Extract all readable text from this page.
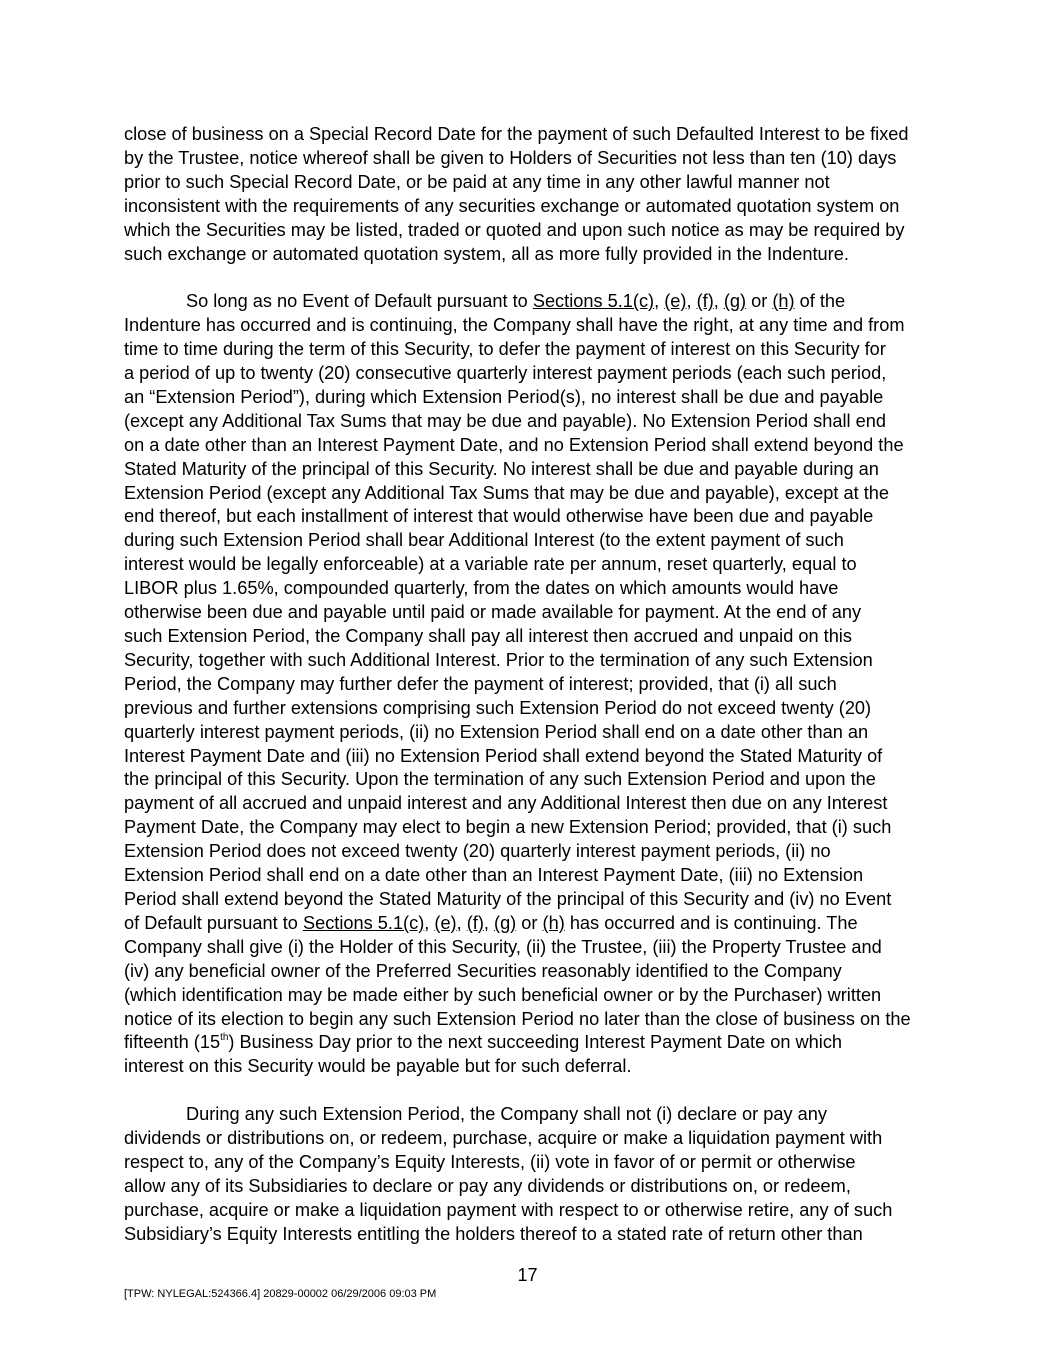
close of business on a Special Record Date for the payment of such Defaulted Interest to be fixed
by the Trustee, notice whereof shall be given to Holders of Securities not less than ten (10) days
prior to such Special Record Date, or be paid at any time in any other lawful manner not
inconsistent with the requirements of any securities exchange or automated quotation system on
which the Securities may be listed, traded or quoted and upon such notice as may be required by
such exchange or automated quotation system, all as more fully provided in the Indenture.

So long as no Event of Default pursuant to Sections 5.1(c), (e), (f), (g) or (h) of the
Indenture has occurred and is continuing, the Company shall have the right, at any time and from
time to time during the term of this Security, to defer the payment of interest on this Security for
a period of up to twenty (20) consecutive quarterly interest payment periods (each such period,
an “Extension Period”), during which Extension Period(s), no interest shall be due and payable
(except any Additional Tax Sums that may be due and payable). No Extension Period shall end
on a date other than an Interest Payment Date, and no Extension Period shall extend beyond the
Stated Maturity of the principal of this Security. No interest shall be due and payable during an
Extension Period (except any Additional Tax Sums that may be due and payable), except at the
end thereof, but each installment of interest that would otherwise have been due and payable
during such Extension Period shall bear Additional Interest (to the extent payment of such
interest would be legally enforceable) at a variable rate per annum, reset quarterly, equal to
LIBOR plus 1.65%, compounded quarterly, from the dates on which amounts would have
otherwise been due and payable until paid or made available for payment. At the end of any
such Extension Period, the Company shall pay all interest then accrued and unpaid on this
Security, together with such Additional Interest. Prior to the termination of any such Extension
Period, the Company may further defer the payment of interest; provided, that (i) all such
previous and further extensions comprising such Extension Period do not exceed twenty (20)
quarterly interest payment periods, (ii) no Extension Period shall end on a date other than an
Interest Payment Date and (iii) no Extension Period shall extend beyond the Stated Maturity of
the principal of this Security. Upon the termination of any such Extension Period and upon the
payment of all accrued and unpaid interest and any Additional Interest then due on any Interest
Payment Date, the Company may elect to begin a new Extension Period; provided, that (i) such
Extension Period does not exceed twenty (20) quarterly interest payment periods, (ii) no
Extension Period shall end on a date other than an Interest Payment Date, (iii) no Extension
Period shall extend beyond the Stated Maturity of the principal of this Security and (iv) no Event
of Default pursuant to Sections 5.1(c), (e), (f), (g) or (h) has occurred and is continuing. The
Company shall give (i) the Holder of this Security, (ii) the Trustee, (iii) the Property Trustee and
(iv) any beneficial owner of the Preferred Securities reasonably identified to the Company
(which identification may be made either by such beneficial owner or by the Purchaser) written
notice of its election to begin any such Extension Period no later than the close of business on the
fifteenth (15th) Business Day prior to the next succeeding Interest Payment Date on which
interest on this Security would be payable but for such deferral.

During any such Extension Period, the Company shall not (i) declare or pay any
dividends or distributions on, or redeem, purchase, acquire or make a liquidation payment with
respect to, any of the Company’s Equity Interests, (ii) vote in favor of or permit or otherwise
allow any of its Subsidiaries to declare or pay any dividends or distributions on, or redeem,
purchase, acquire or make a liquidation payment with respect to or otherwise retire, any of such
Subsidiary’s Equity Interests entitling the holders thereof to a stated rate of return other than

17
[TPW: NYLEGAL:524366.4] 20829-00002 06/29/2006 09:03 PM
